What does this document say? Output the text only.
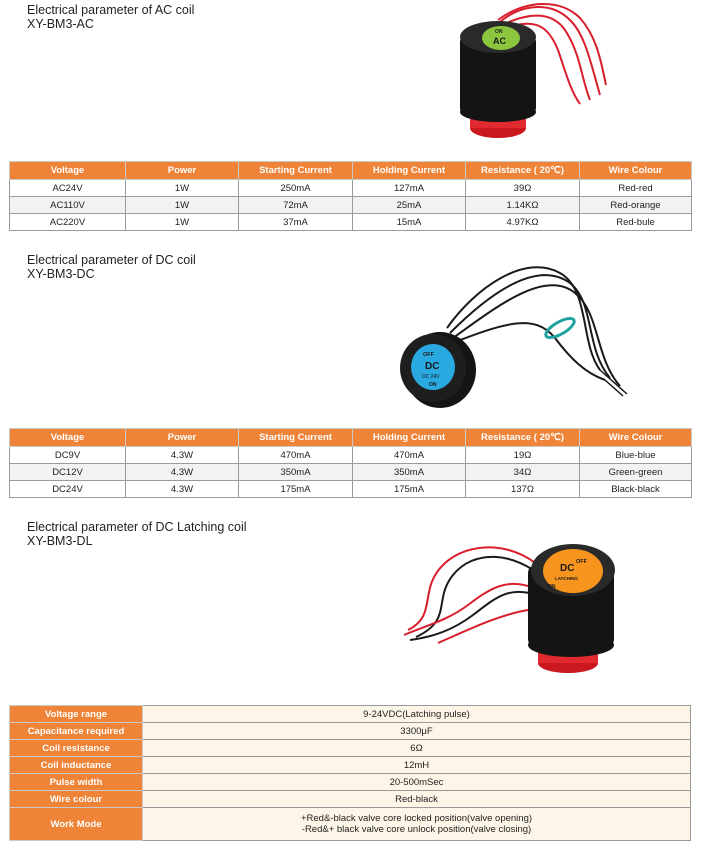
Electrical parameter of AC coil
XY-BM3-AC
ON
AC
Voltage	Power	Starting Current	Holding Current	Resistance ( 20℃)	Wire Colour
AC24V	1W	250mA	127mA	39Ω	Red-red
AC110V	1W	72mA	25mA	1.14KΩ	Red-orange
AC220V	1W	37mA	15mA	4.97KΩ	Red-bule
Electrical parameter of DC coil
XY-BM3-DC
OFF
DC
DC 24V
ON
Voltage	Power	Starting Current	Holding Current	Resistance ( 20℃)	Wire Colour
DC9V	4.3W	470mA	470mA	19Ω	Blue-blue
DC12V	4.3W	350mA	350mA	34Ω	Green-green
DC24V	4.3W	175mA	175mA	137Ω	Black-black
Electrical parameter of DC Latching coil
XY-BM3-DL
OFF
DC
LATCHING
ON
Voltage range	9-24VDC(Latching pulse)
Capacitance required	3300μF
Coil resistance	6Ω
Coil inductance	12mH
Pulse width	20-500mSec
Wire colour	Red-black
Work Mode	+Red&-black valve core locked position(valve opening)
-Red&+ black valve core unlock position(valve closing)
